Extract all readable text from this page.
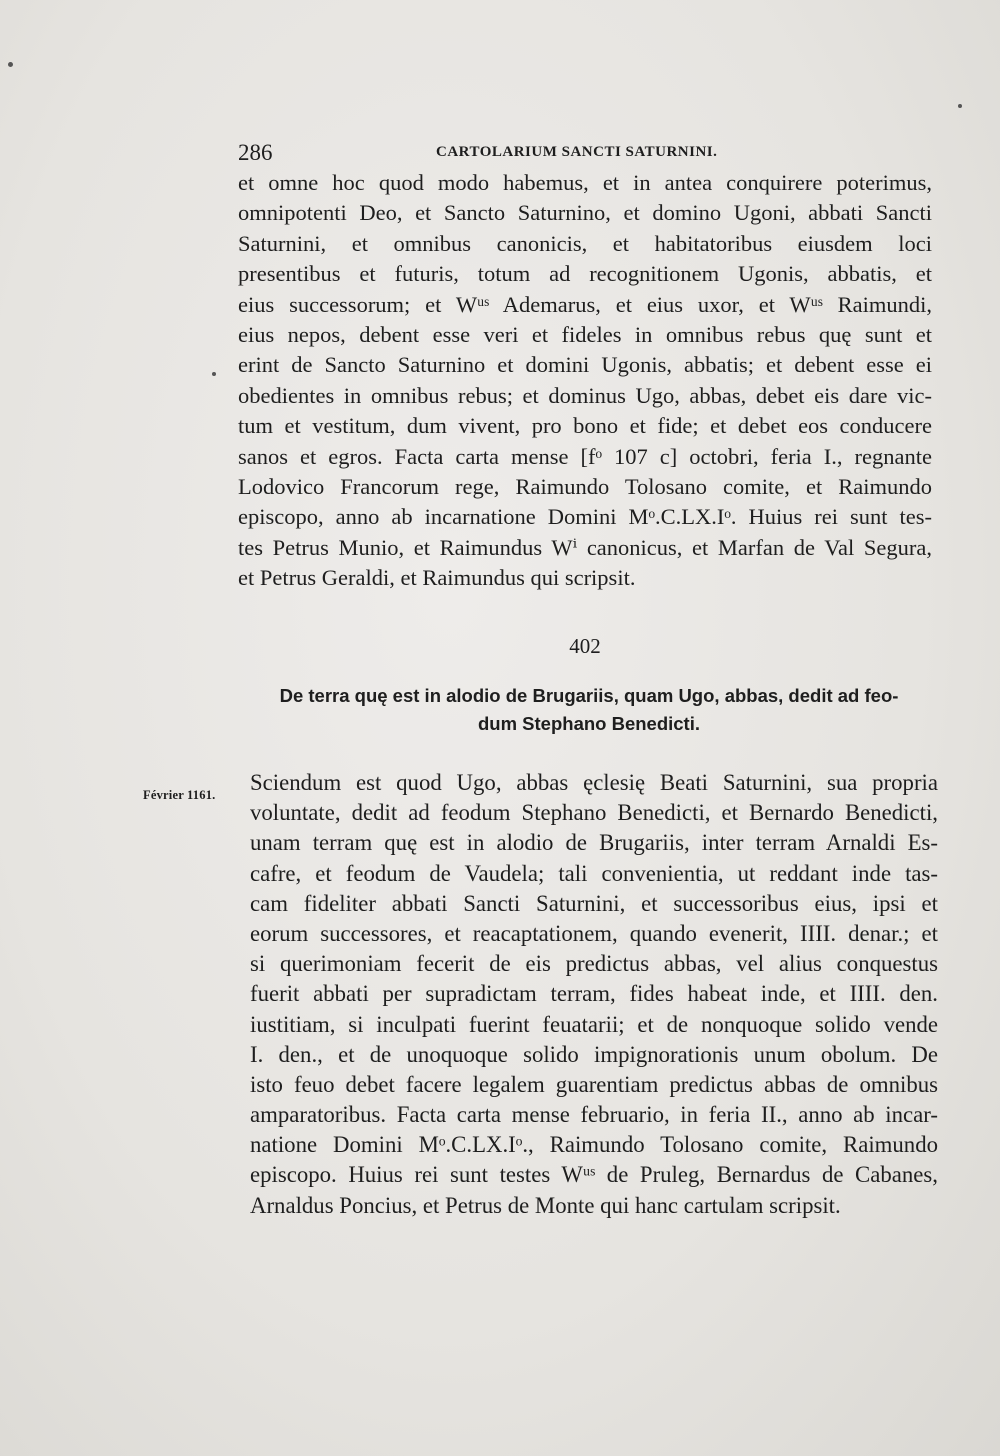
286	CARTOLARIUM SANCTI SATURNINI.
et omne hoc quod modo habemus, et in antea conquirere poterimus,
omnipotenti Deo, et Sancto Saturnino, et domino Ugoni, abbati Sancti
Saturnini, et omnibus canonicis, et habitatoribus eiusdem loci
presentibus et futuris, totum ad recognitionem Ugonis, abbatis, et
eius successorum; et Wᵘˢ Ademarus, et eius uxor, et Wᵘˢ Raimundi,
eius nepos, debent esse veri et fideles in omnibus rebus quę sunt et
erint de Sancto Saturnino et domini Ugonis, abbatis; et debent esse ei
obedientes in omnibus rebus; et dominus Ugo, abbas, debet eis dare vic-
tum et vestitum, dum vivent, pro bono et fide; et debet eos conducere
sanos et egros. Facta carta mense [fᵒ 107 c] octobri, feria I., regnante
Lodovico Francorum rege, Raimundo Tolosano comite, et Raimundo
episcopo, anno ab incarnatione Domini Mᵒ.C.LX.Iᵒ. Huius rei sunt tes-
tes Petrus Munio, et Raimundus Wⁱ canonicus, et Marfan de Val Segura,
et Petrus Geraldi, et Raimundus qui scripsit.
402
De terra quę est in alodio de Brugariis, quam Ugo, abbas, dedit ad feo-
dum Stephano Benedicti.
Février 1161. Sciendum est quod Ugo, abbas ęclesię Beati Saturnini, sua propria
voluntate, dedit ad feodum Stephano Benedicti, et Bernardo Benedicti,
unam terram quę est in alodio de Brugariis, inter terram Arnaldi Es-
cafre, et feodum de Vaudela; tali convenientia, ut reddant inde tas-
cam fideliter abbati Sancti Saturnini, et successoribus eius, ipsi et
eorum successores, et reacaptationem, quando evenerit, IIII. denar.; et
si querimoniam fecerit de eis predictus abbas, vel alius conquestus
fuerit abbati per supradictam terram, fides habeat inde, et IIII. den.
iustitiam, si inculpati fuerint feuatarii; et de nonquoque solido vende
I. den., et de unoquoque solido impignorationis unum obolum. De
isto feuo debet facere legalem guarentiam predictus abbas de omnibus
amparatoribus. Facta carta mense februario, in feria II., anno ab incar-
natione Domini Mᵒ.C.LX.Iᵒ., Raimundo Tolosano comite, Raimundo
episcopo. Huius rei sunt testes Wᵘˢ de Pruleg, Bernardus de Cabanes,
Arnaldus Poncius, et Petrus de Monte qui hanc cartulam scripsit.
